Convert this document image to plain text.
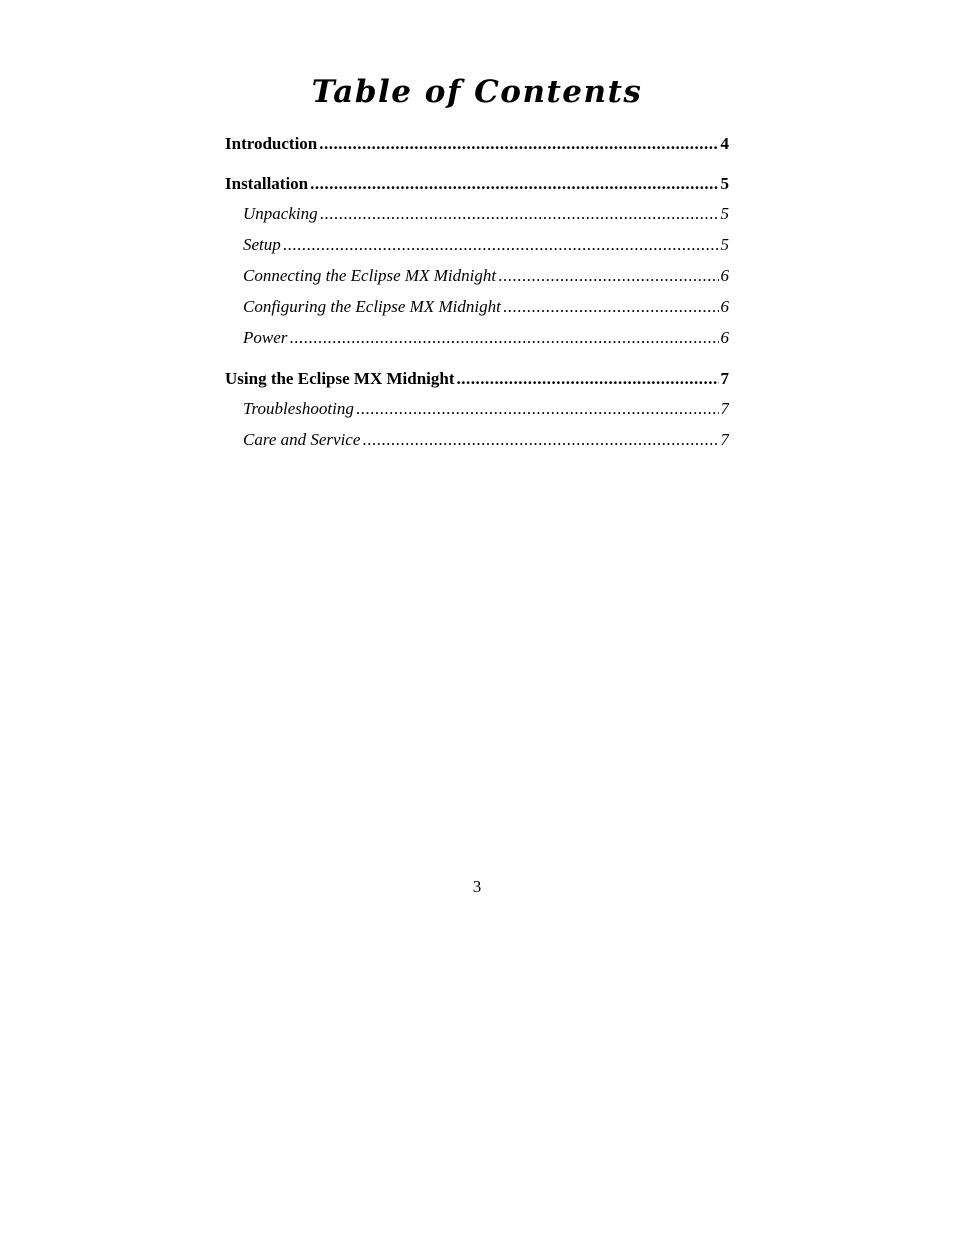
Table of Contents
Introduction .....	4
Installation .....	5
Unpacking .....	5
Setup .....	5
Connecting the Eclipse MX Midnight .....	6
Configuring the Eclipse MX Midnight .....	6
Power .....	6
Using the Eclipse MX Midnight .....	7
Troubleshooting .....	7
Care and Service .....	7
3
